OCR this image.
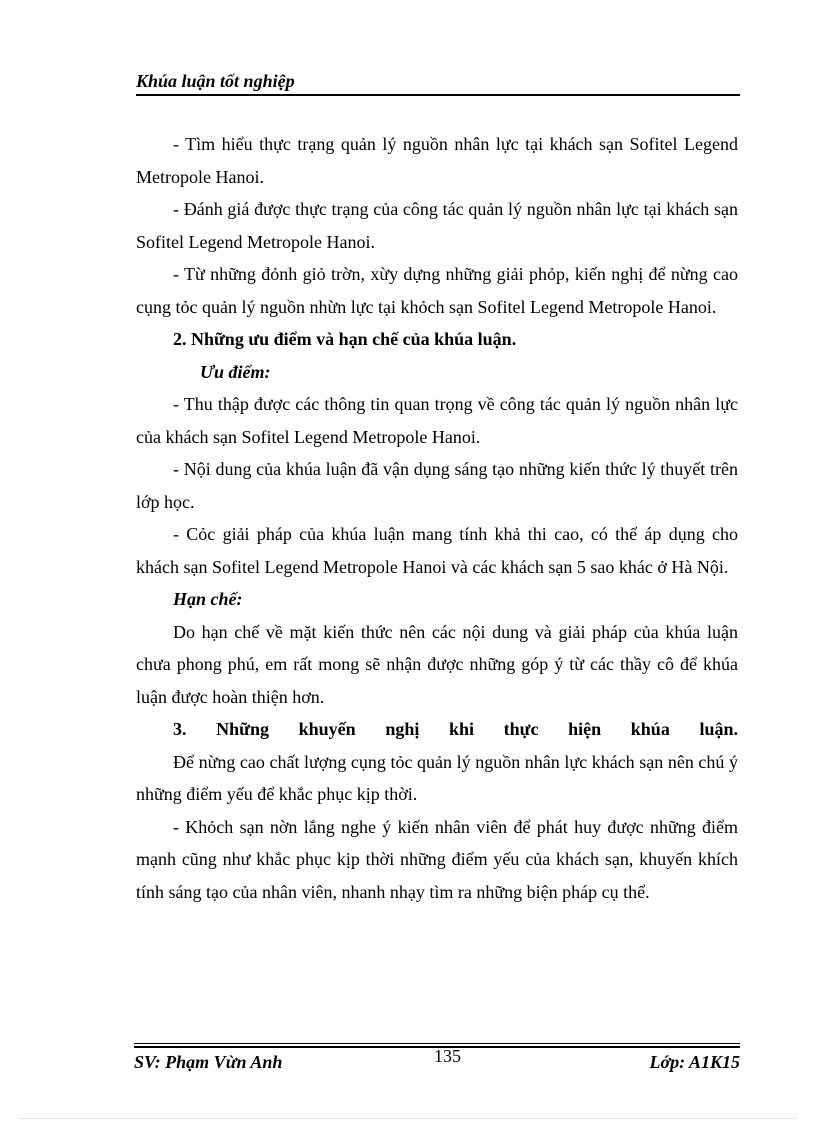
Khúa luận tốt nghiệp

- Tìm hiểu thực trạng quản lý nguồn nhân lực tại khách sạn Sofitel Legend Metropole Hanoi.

- Đánh giá được thực trạng của công tác quản lý nguồn nhân lực tại khách sạn Sofitel Legend Metropole Hanoi.

- Từ những đỏnh giỏ trờn, xừy dựng những giải phỏp, kiến nghị để nừng cao cụng tỏc quản lý nguồn nhừn lực tại khỏch sạn Sofitel Legend Metropole Hanoi.

2. Những ưu điểm và hạn chế của khúa luận.

Ưu điểm:

- Thu thập được các thông tin quan trọng về công tác quản lý nguồn nhân lực của khách sạn Sofitel Legend Metropole Hanoi.

- Nội dung của khúa luận đã vận dụng sáng tạo những kiến thức lý thuyết trên lớp học.

- Cỏc giải pháp của khúa luận mang tính khả thi cao, có thể áp dụng cho khách sạn Sofitel Legend Metropole Hanoi và các khách sạn 5 sao khác ở Hà Nội.

Hạn chế:

Do hạn chế về mặt kiến thức nên các nội dung và giải pháp của khúa luận chưa phong phú, em rất mong sẽ nhận được những góp ý từ các thầy cô để khúa luận được hoàn thiện hơn.

3. Những khuyến nghị khi thực hiện khúa luận.

Để nừng cao chất lượng cụng tỏc quản lý nguồn nhân lực khách sạn nên chú ý những điểm yếu để khắc phục kịp thời.

- Khỏch sạn nờn lắng nghe ý kiến nhân viên để phát huy được những điểm mạnh cũng như khắc phục kịp thời những điểm yếu của khách sạn, khuyến khích tính sáng tạo của nhân viên, nhanh nhạy tìm ra những biện pháp cụ thể.

SV: Phạm Vừn Anh	135	Lớp: A1K15
